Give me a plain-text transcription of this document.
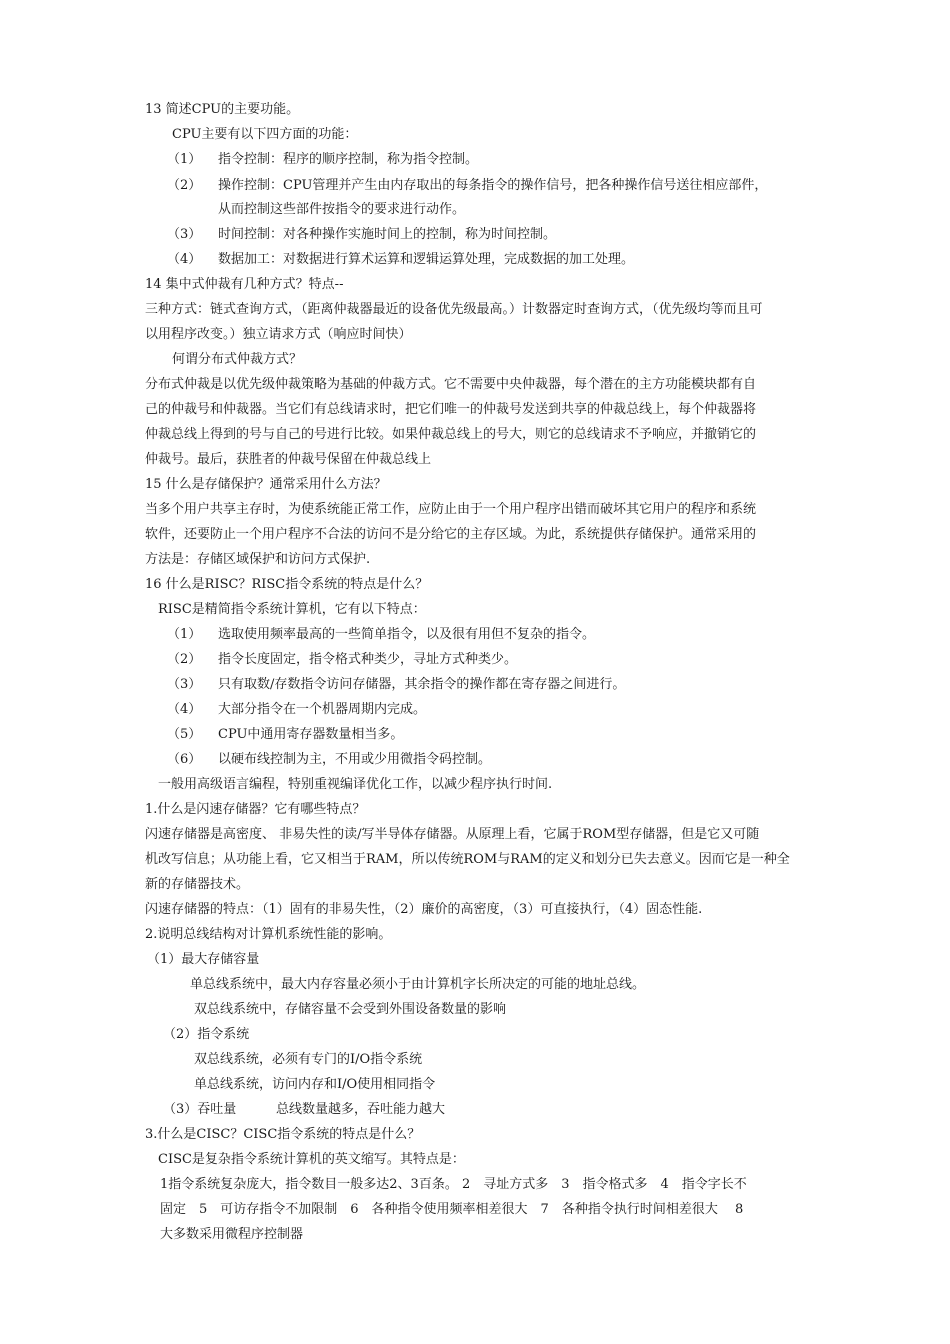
13 简述CPU的主要功能。
CPU主要有以下四方面的功能：
（1） 指令控制：程序的顺序控制，称为指令控制。
（2） 操作控制：CPU管理并产生由内存取出的每条指令的操作信号，把各种操作信号送往相应部件，
从而控制这些部件按指令的要求进行动作。
（3） 时间控制：对各种操作实施时间上的控制，称为时间控制。
（4） 数据加工：对数据进行算术运算和逻辑运算处理，完成数据的加工处理。
14 集中式仲裁有几种方式？特点--
三种方式：链式查询方式，（距离仲裁器最近的设备优先级最高。）计数器定时查询方式，（优先级均等而且可
以用程序改变。）独立请求方式（响应时间快）
何谓分布式仲裁方式？
分布式仲裁是以优先级仲裁策略为基础的仲裁方式。它不需要中央仲裁器，每个潜在的主方功能模块都有自
己的仲裁号和仲裁器。当它们有总线请求时，把它们唯一的仲裁号发送到共享的仲裁总线上，每个仲裁器将
仲裁总线上得到的号与自己的号进行比较。如果仲裁总线上的号大，则它的总线请求不予响应，并撤销它的
仲裁号。最后，获胜者的仲裁号保留在仲裁总线上
15 什么是存储保护？通常采用什么方法？
当多个用户共享主存时，为使系统能正常工作，应防止由于一个用户程序出错而破坏其它用户的程序和系统
软件，还要防止一个用户程序不合法的访问不是分给它的主存区域。为此，系统提供存储保护。通常采用的
方法是：存储区域保护和访问方式保护.
16 什么是RISC？RISC指令系统的特点是什么？
RISC是精简指令系统计算机，它有以下特点：
（1） 选取使用频率最高的一些简单指令，以及很有用但不复杂的指令。
（2） 指令长度固定，指令格式种类少，寻址方式种类少。
（3） 只有取数/存数指令访问存储器，其余指令的操作都在寄存器之间进行。
（4） 大部分指令在一个机器周期内完成。
（5） CPU中通用寄存器数量相当多。
（6） 以硬布线控制为主，不用或少用微指令码控制。
一般用高级语言编程，特别重视编译优化工作，以减少程序执行时间.
1.什么是闪速存储器？它有哪些特点？
闪速存储器是高密度、 非易失性的读/写半导体存储器。从原理上看，它属于ROM型存储器，但是它又可随
机改写信息；从功能上看，它又相当于RAM，所以传统ROM与RAM的定义和划分已失去意义。因而它是一种全
新的存储器技术。
闪速存储器的特点：（1）固有的非易失性，（2）廉价的高密度，（3）可直接执行，（4）固态性能.
2.说明总线结构对计算机系统性能的影响。
（1）最大存储容量
单总线系统中，最大内存容量必须小于由计算机字长所决定的可能的地址总线。
双总线系统中，存储容量不会受到外围设备数量的影响
（2）指令系统
双总线系统，必须有专门的I/O指令系统
单总线系统，访问内存和I/O使用相同指令
（3）吞吐量	总线数量越多，吞吐能力越大
3.什么是CISC？CISC指令系统的特点是什么？
CISC是复杂指令系统计算机的英文缩写。其特点是：
1指令系统复杂庞大，指令数目一般多达2、3百条。 2　寻址方式多　3　指令格式多　4　指令字长不
固定　5　可访存指令不加限制　6　各种指令使用频率相差很大　7　各种指令执行时间相差很大　 8
大多数采用微程序控制器
